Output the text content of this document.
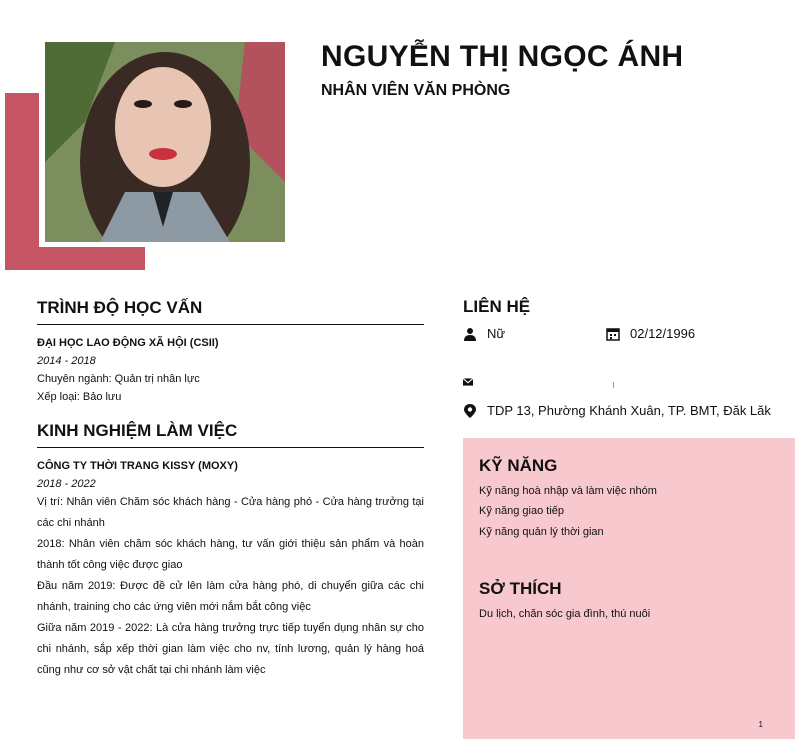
NGUYỄN THỊ NGỌC ÁNH
NHÂN VIÊN VĂN PHÒNG
TRÌNH ĐỘ HỌC VẤN

ĐẠI HỌC LAO ĐỘNG XÃ HỘI (CSII)

2014 - 2018

Chuyên ngành: Quản trị nhân lực

Xếp loại: Bảo lưu

KINH NGHIỆM LÀM VIỆC

CÔNG TY THỜI TRANG KISSY (MOXY)

2018 - 2022

Vị trí: Nhân viên Chăm sóc khách hàng - Cửa hàng phó - Cửa hàng trưởng tại các chi nhánh

2018: Nhân viên chăm sóc khách hàng, tư vấn giới thiệu sản phẩm và hoàn thành tốt công việc được giao

Đầu năm 2019: Được đề cử lên làm cửa hàng phó, di chuyển giữa các chi nhánh, training cho các ứng viên mới nắm bắt công việc

Giữa năm 2019 - 2022: Là cửa hàng trưởng trực tiếp tuyển dụng nhân sự cho chi nhánh, sắp xếp thời gian làm việc cho nv, tính lương, quản lý hàng hoá cũng như cơ sở vật chất tại chi nhánh làm việc

LIÊN HỆ
Nữ	02/12/1996
TDP 13, Phường Khánh Xuân, TP. BMT, Đăk Lăk
KỸ NĂNG
Kỹ năng hoà nhập và làm việc nhóm
Kỹ năng giao tiếp
Kỹ năng quản lý thời gian
SỞ THÍCH
Du lịch, chăn sóc gia đình, thú nuôi
1
